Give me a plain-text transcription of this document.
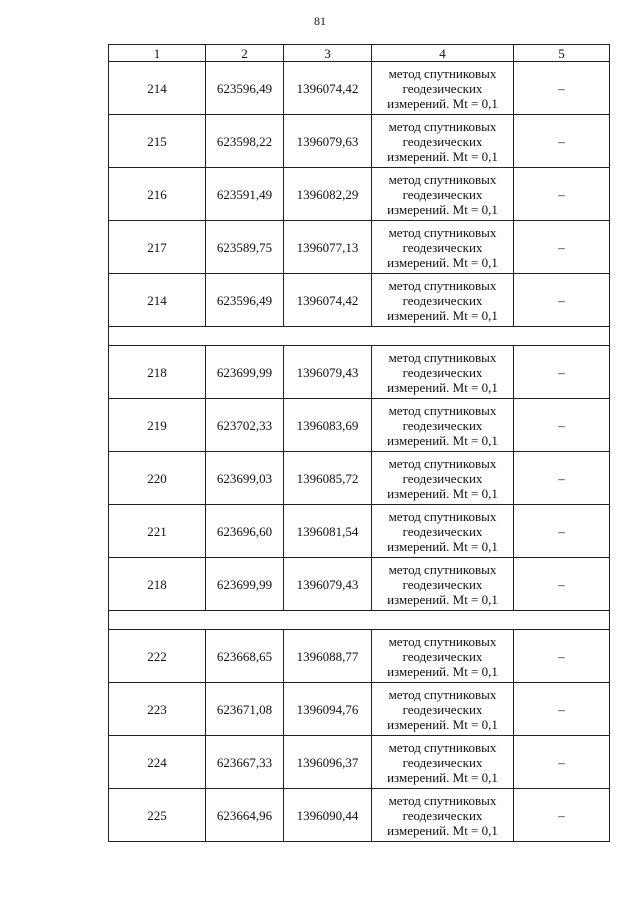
81
1	2	3	4	5
214	623596,49	1396074,42	метод спутниковых
геодезических
измерений. Mt = 0,1	–
215	623598,22	1396079,63	метод спутниковых
геодезических
измерений. Mt = 0,1	–
216	623591,49	1396082,29	метод спутниковых
геодезических
измерений. Mt = 0,1	–
217	623589,75	1396077,13	метод спутниковых
геодезических
измерений. Mt = 0,1	–
214	623596,49	1396074,42	метод спутниковых
геодезических
измерений. Mt = 0,1	–

218	623699,99	1396079,43	метод спутниковых
геодезических
измерений. Mt = 0,1	–
219	623702,33	1396083,69	метод спутниковых
геодезических
измерений. Mt = 0,1	–
220	623699,03	1396085,72	метод спутниковых
геодезических
измерений. Mt = 0,1	–
221	623696,60	1396081,54	метод спутниковых
геодезических
измерений. Mt = 0,1	–
218	623699,99	1396079,43	метод спутниковых
геодезических
измерений. Mt = 0,1	–

222	623668,65	1396088,77	метод спутниковых
геодезических
измерений. Mt = 0,1	–
223	623671,08	1396094,76	метод спутниковых
геодезических
измерений. Mt = 0,1	–
224	623667,33	1396096,37	метод спутниковых
геодезических
измерений. Mt = 0,1	–
225	623664,96	1396090,44	метод спутниковых
геодезических
измерений. Mt = 0,1	–
